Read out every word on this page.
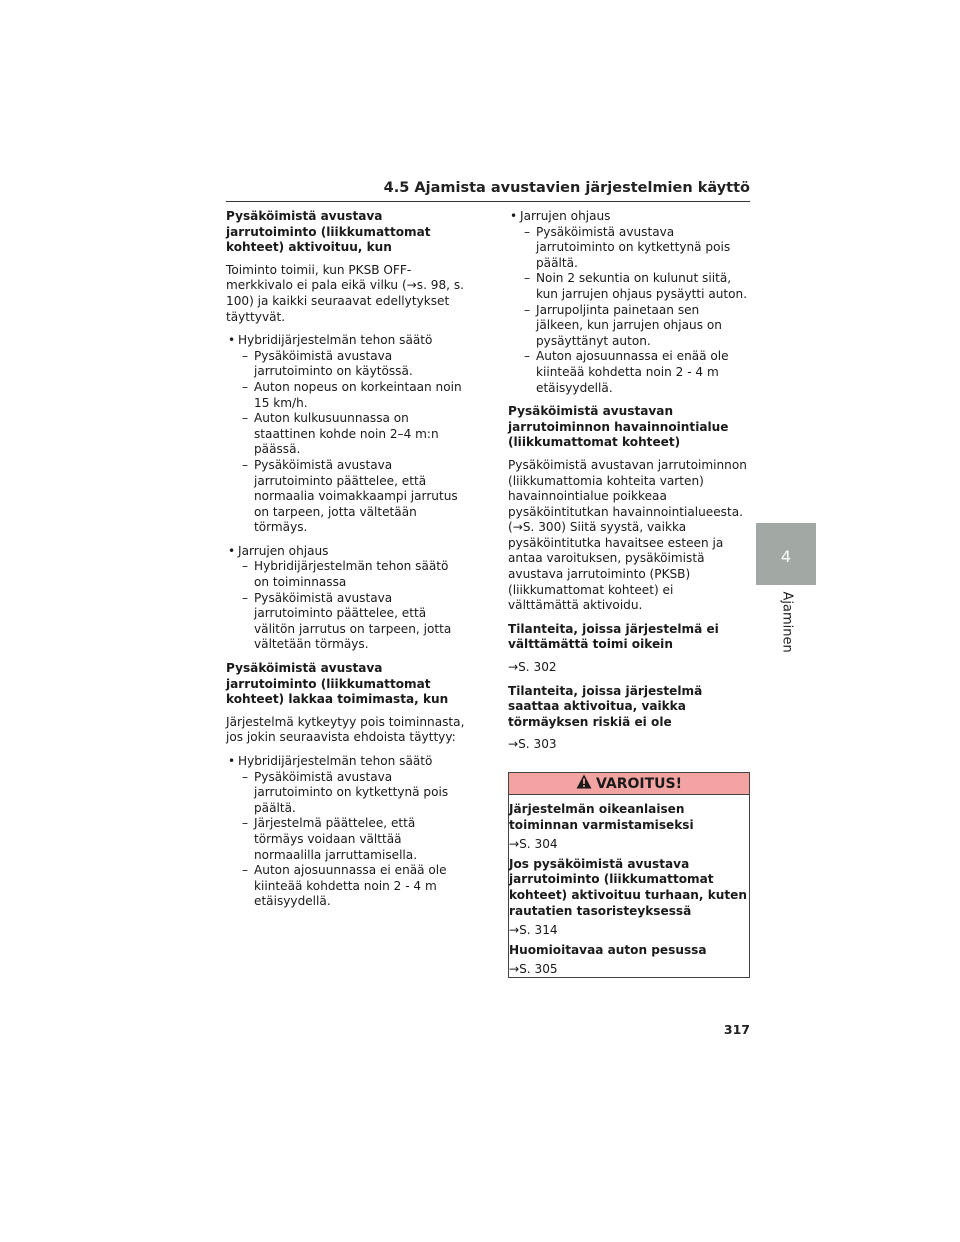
4.5 Ajamista avustavien järjestelmien käyttö
Pysäköimistä avustava jarrutoiminto (liikkumattomat kohteet) aktivoituu, kun
Toiminto toimii, kun PKSB OFF-merkkivalo ei pala eikä vilku (→s. 98, s. 100) ja kaikki seuraavat edellytykset täyttyvät.
• Hybridijärjestelmän tehon säätö
– Pysäköimistä avustava jarrutoiminto on käytössä.
– Auton nopeus on korkeintaan noin 15 km/h.
– Auton kulkusuunnassa on staattinen kohde noin 2–4 m:n päässä.
– Pysäköimistä avustava jarrutoiminto päättelee, että normaalia voimakkaampi jarrutus on tarpeen, jotta vältetään törmäys.
• Jarrujen ohjaus
– Hybridijärjestelmän tehon säätö on toiminnassa
– Pysäköimistä avustava jarrutoiminto päättelee, että välitön jarrutus on tarpeen, jotta vältetään törmäys.
Pysäköimistä avustava jarrutoiminto (liikkumattomat kohteet) lakkaa toimimasta, kun
Järjestelmä kytkeytyy pois toiminnasta, jos jokin seuraavista ehdoista täyttyy:
• Hybridijärjestelmän tehon säätö
– Pysäköimistä avustava jarrutoiminto on kytkettynä pois päältä.
– Järjestelmä päättelee, että törmäys voidaan välttää normaalilla jarruttamisella.
– Auton ajosuunnassa ei enää ole kiinteää kohdetta noin 2 - 4 m etäisyydellä.
• Jarrujen ohjaus
– Pysäköimistä avustava jarrutoiminto on kytkettynä pois päältä.
– Noin 2 sekuntia on kulunut siitä, kun jarrujen ohjaus pysäytti auton.
– Jarrupoljinta painetaan sen jälkeen, kun jarrujen ohjaus on pysäyttänyt auton.
– Auton ajosuunnassa ei enää ole kiinteää kohdetta noin 2 - 4 m etäisyydellä.
Pysäköimistä avustavan jarrutoiminnon havainnointialue (liikkumattomat kohteet)
Pysäköimistä avustavan jarrutoiminnon (liikkumattomia kohteita varten) havainnointialue poikkeaa pysäköintitutkan havainnointialueesta. (→S. 300) Siitä syystä, vaikka pysäköintitutka havaitsee esteen ja antaa varoituksen, pysäköimistä avustava jarrutoiminto (PKSB) (liikkumattomat kohteet) ei välttämättä aktivoidu.
Tilanteita, joissa järjestelmä ei välttämättä toimi oikein
→S. 302
Tilanteita, joissa järjestelmä saattaa aktivoitua, vaikka törmäyksen riskiä ei ole
→S. 303
VAROITUS!
Järjestelmän oikeanlaisen toiminnan varmistamiseksi
→S. 304
Jos pysäköimistä avustava jarrutoiminto (liikkumattomat kohteet) aktivoituu turhaan, kuten rautatien tasoristeyksessä
→S. 314
Huomioitavaa auton pesussa
→S. 305
4
Ajaminen
317
